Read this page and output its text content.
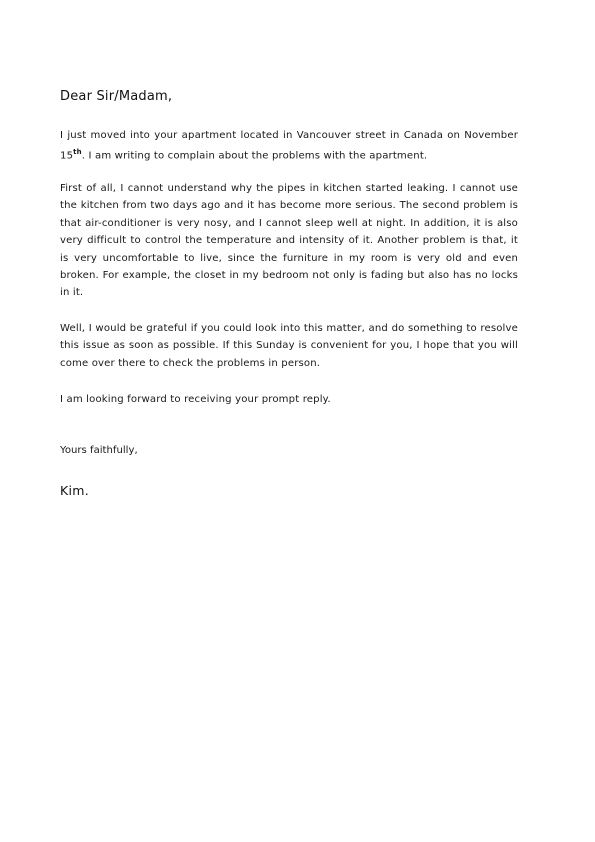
Dear Sir/Madam,

I just moved into your apartment located in Vancouver street in Canada on November 15th. I am writing to complain about the problems with the apartment.

First of all, I cannot understand why the pipes in kitchen started leaking. I cannot use the kitchen from two days ago and it has become more serious. The second problem is that air-conditioner is very nosy, and I cannot sleep well at night. In addition, it is also very difficult to control the temperature and intensity of it. Another problem is that, it is very uncomfortable to live, since the furniture in my room is very old and even broken. For example, the closet in my bedroom not only is fading but also has no locks in it.

Well, I would be grateful if you could look into this matter, and do something to resolve this issue as soon as possible. If this Sunday is convenient for you, I hope that you will come over there to check the problems in person.

I am looking forward to receiving your prompt reply.

Yours faithfully,
Kim.
